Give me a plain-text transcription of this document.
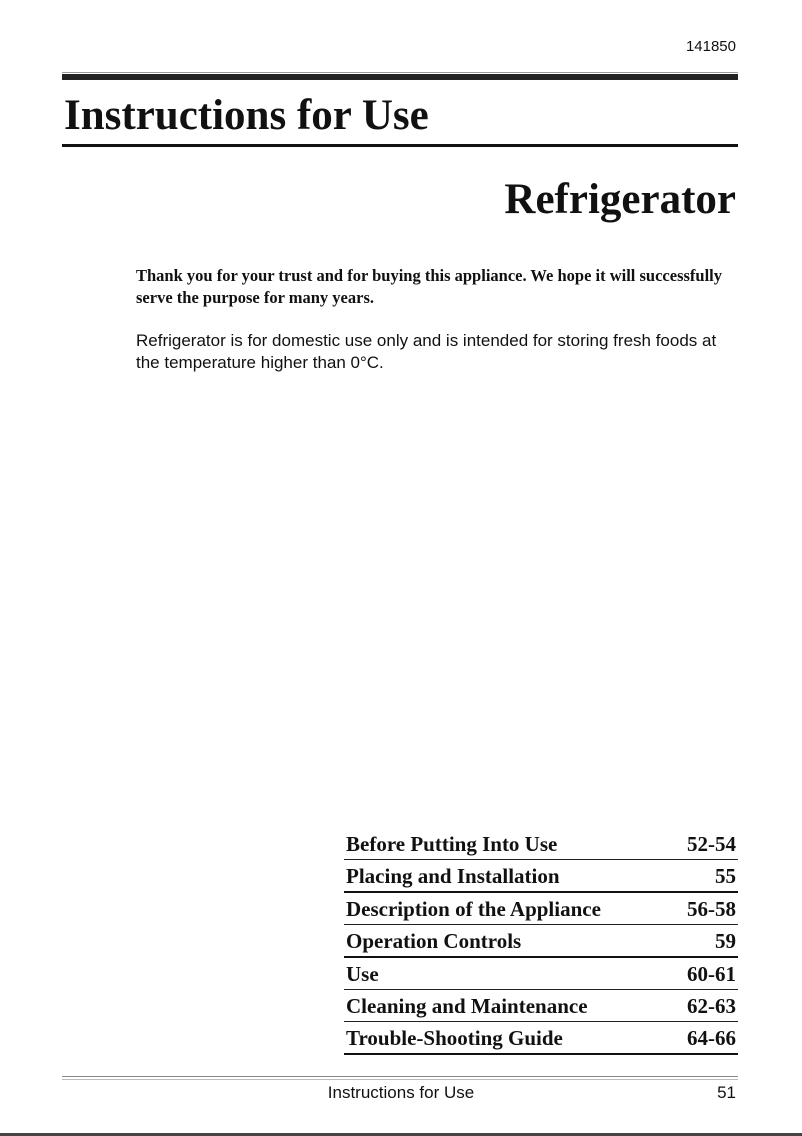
141850
Instructions for Use
Refrigerator

Thank you for your trust and for buying this appliance. We hope it will successfully serve the purpose for many years.

Refrigerator is for domestic use only and is intended for storing fresh foods at the temperature higher than 0°C.

Before Putting Into Use	52-54
Placing and Installation	55
Description of the Appliance	56-58
Operation Controls	59
Use	60-61
Cleaning and Maintenance	62-63
Trouble-Shooting Guide	64-66
Instructions for Use	51
